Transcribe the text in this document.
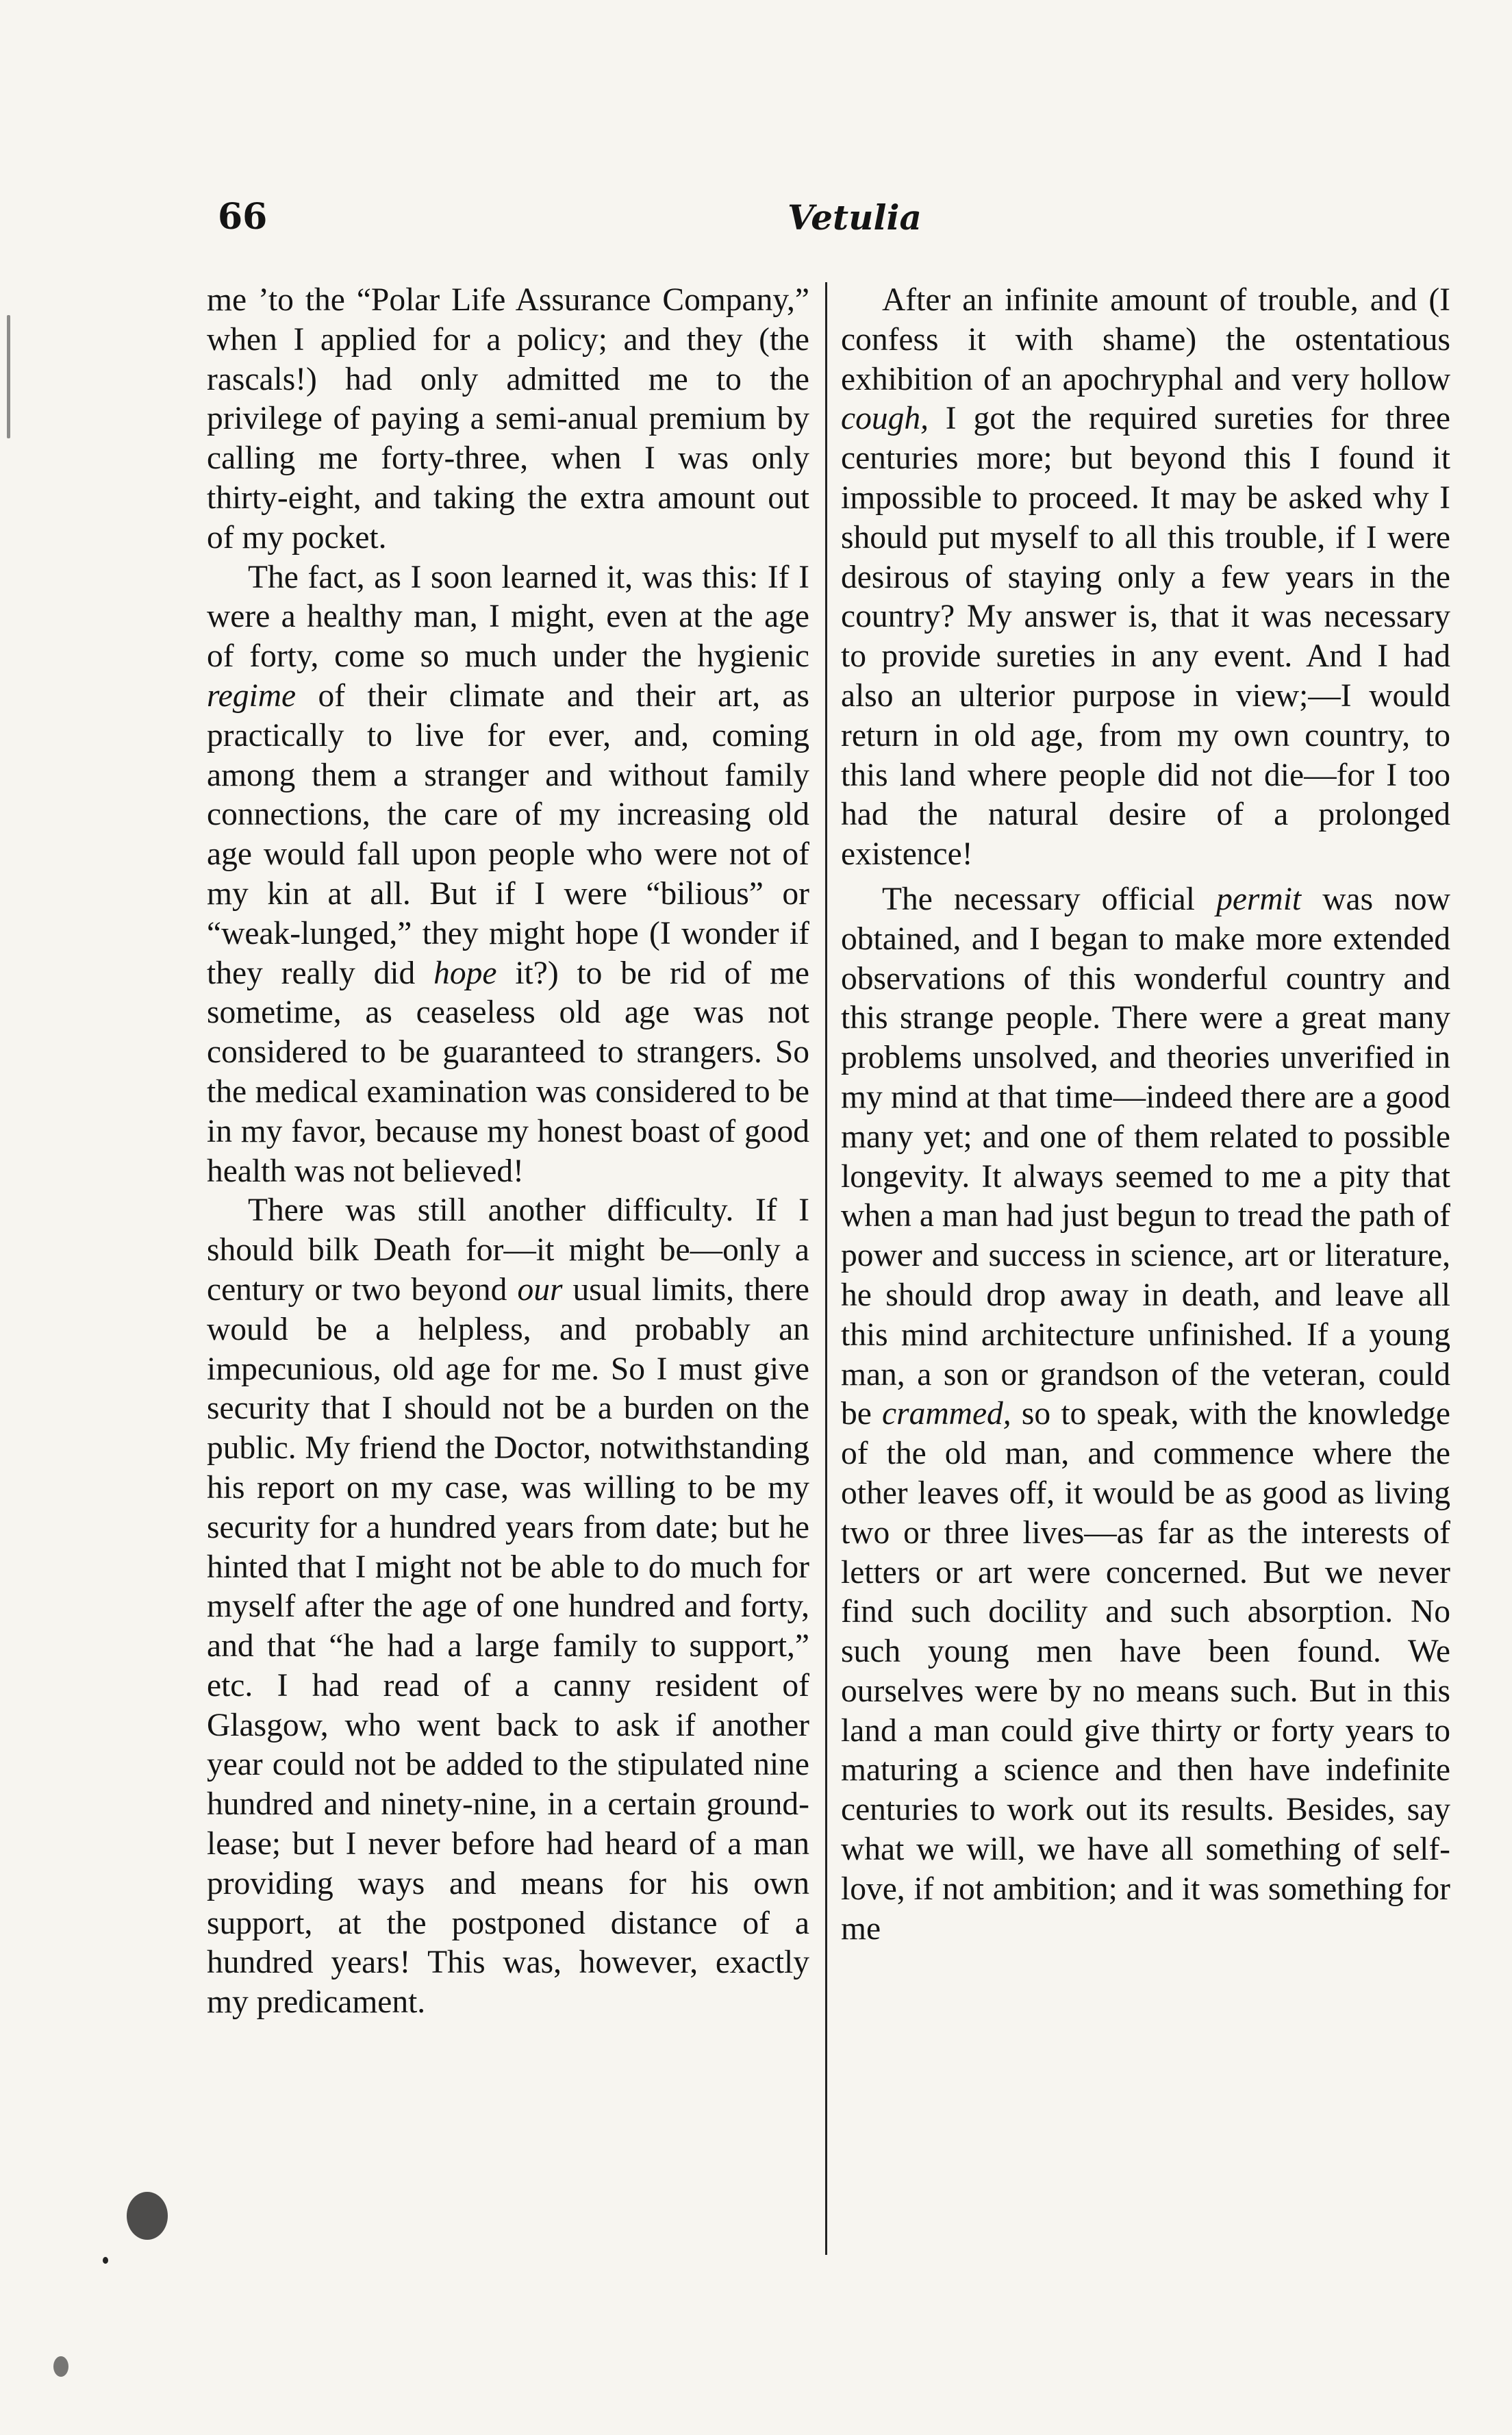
66	Vetulia

me ’to the “Polar Life Assurance Company,” when I applied for a policy; and they (the rascals!) had only admitted me to the privilege of paying a semi-anual premium by calling me forty-three, when I was only thirty-eight, and taking the extra amount out of my pocket.

The fact, as I soon learned it, was this: If I were a healthy man, I might, even at the age of forty, come so much under the hygienic regime of their climate and their art, as practically to live for ever, and, coming among them a stranger and without family connections, the care of my increasing old age would fall upon people who were not of my kin at all. But if I were “bilious” or “weak-lunged,” they might hope (I wonder if they really did hope it?) to be rid of me sometime, as ceaseless old age was not considered to be guaranteed to strangers. So the medical examination was considered to be in my favor, because my honest boast of good health was not believed!

There was still another difficulty. If I should bilk Death for—it might be—only a century or two beyond our usual limits, there would be a helpless, and probably an impecunious, old age for me. So I must give security that I should not be a burden on the public. My friend the Doctor, notwithstanding his report on my case, was willing to be my security for a hundred years from date; but he hinted that I might not be able to do much for myself after the age of one hundred and forty, and that “he had a large family to support,” etc. I had read of a canny resident of Glasgow, who went back to ask if another year could not be added to the stipulated nine hundred and ninety-nine, in a certain ground-lease; but I never before had heard of a man providing ways and means for his own support, at the postponed distance of a hundred years! This was, however, exactly my predicament.

After an infinite amount of trouble, and (I confess it with shame) the ostentatious exhibition of an apochryphal and very hollow cough, I got the required sureties for three centuries more; but beyond this I found it impossible to proceed. It may be asked why I should put myself to all this trouble, if I were desirous of staying only a few years in the country? My answer is, that it was necessary to provide sureties in any event. And I had also an ulterior purpose in view;—I would return in old age, from my own country, to this land where people did not die—for I too had the natural desire of a prolonged existence!

The necessary official permit was now obtained, and I began to make more extended observations of this wonderful country and this strange people. There were a great many problems unsolved, and theories unverified in my mind at that time—indeed there are a good many yet; and one of them related to possible longevity. It always seemed to me a pity that when a man had just begun to tread the path of power and success in science, art or literature, he should drop away in death, and leave all this mind architecture unfinished. If a young man, a son or grandson of the veteran, could be crammed, so to speak, with the knowledge of the old man, and commence where the other leaves off, it would be as good as living two or three lives—as far as the interests of letters or art were concerned. But we never find such docility and such absorption. No such young men have been found. We ourselves were by no means such. But in this land a man could give thirty or forty years to maturing a science and then have indefinite centuries to work out its results. Besides, say what we will, we have all something of self-love, if not ambition; and it was something for me
